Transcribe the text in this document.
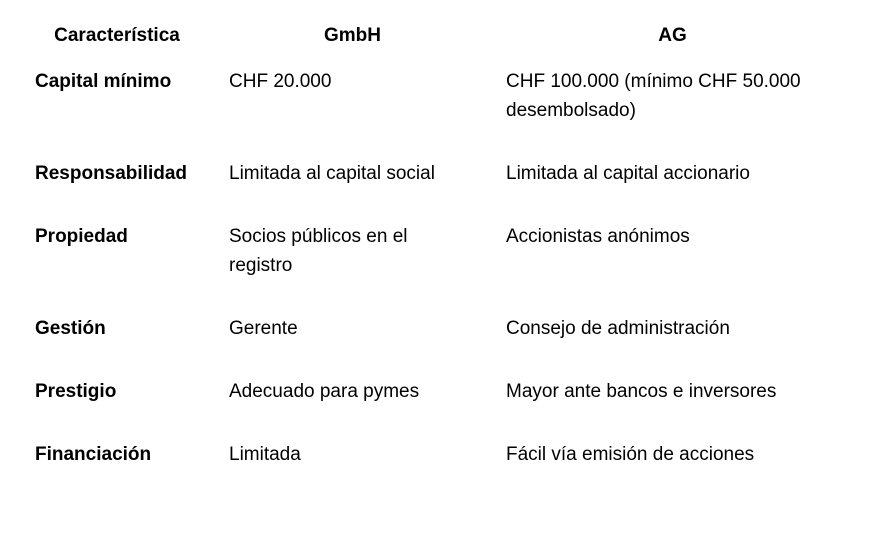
Característica	GmbH	AG
Capital mínimo	CHF 20.000	CHF 100.000 (mínimo CHF 50.000 desembolsado)
Responsabilidad	Limitada al capital social	Limitada al capital accionario
Propiedad	Socios públicos en el registro	Accionistas anónimos
Gestión	Gerente	Consejo de administración
Prestigio	Adecuado para pymes	Mayor ante bancos e inversores
Financiación	Limitada	Fácil vía emisión de acciones
